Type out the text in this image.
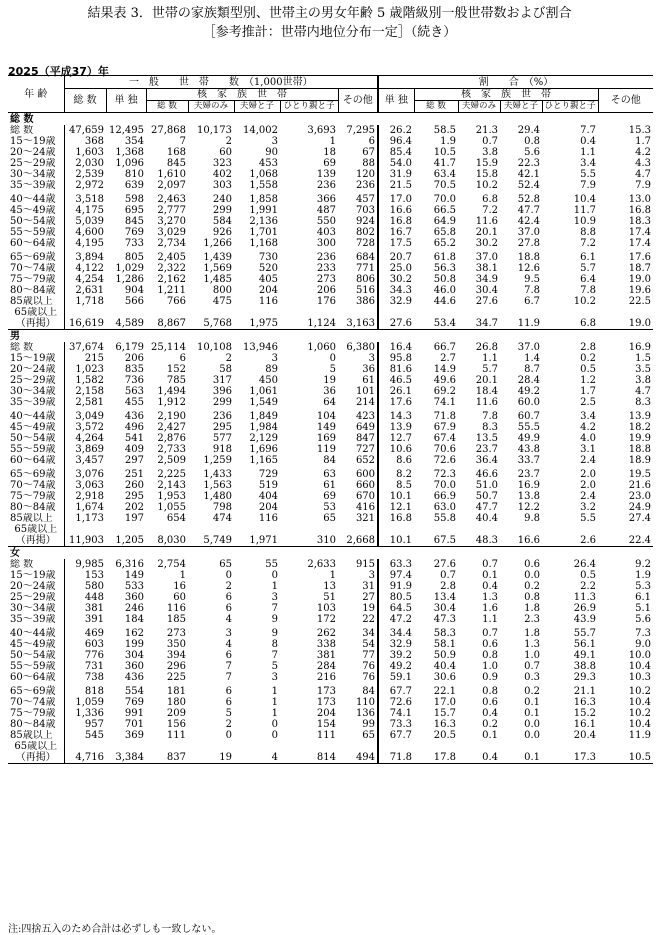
結果表 3．世帯の家族類型別、世帯主の男女年齢 5 歳階級別一般世帯数および割合
［参考推計：世帯内地位分布一定］（続き）
2025（平成37）年
年 齢	一　般　　世　帯　　数　（1,000世帯）							割　　合　（%）					
	総 数	単 独	核　家　族　世　帯				その他	単 独	核　家　族　世　帯				その他
			総 数	夫婦のみ	夫婦と子	ひとり親と子			総 数	夫婦のみ	夫婦と子	ひとり親と子	
総 数													
総 数	47,659	12,495	27,868	10,173	14,002	3,693	7,295	26.2	58.5	21.3	29.4	7.7	15.3
15～19歳	368	354	7	2	3	1	6	96.4	1.9	0.7	0.8	0.4	1.7
20～24歳	1,603	1,368	168	60	90	18	67	85.4	10.5	3.8	5.6	1.1	4.2
25～29歳	2,030	1,096	845	323	453	69	88	54.0	41.7	15.9	22.3	3.4	4.3
30～34歳	2,539	810	1,610	402	1,068	139	120	31.9	63.4	15.8	42.1	5.5	4.7
35～39歳	2,972	639	2,097	303	1,558	236	236	21.5	70.5	10.2	52.4	7.9	7.9
40～44歳	3,518	598	2,463	240	1,858	366	457	17.0	70.0	6.8	52.8	10.4	13.0
45～49歳	4,175	695	2,777	299	1,991	487	703	16.6	66.5	7.2	47.7	11.7	16.8
50～54歳	5,039	845	3,270	584	2,136	550	924	16.8	64.9	11.6	42.4	10.9	18.3
55～59歳	4,600	769	3,029	926	1,701	403	802	16.7	65.8	20.1	37.0	8.8	17.4
60～64歳	4,195	733	2,734	1,266	1,168	300	728	17.5	65.2	30.2	27.8	7.2	17.4
65～69歳	3,894	805	2,405	1,439	730	236	684	20.7	61.8	37.0	18.8	6.1	17.6
70～74歳	4,122	1,029	2,322	1,569	520	233	771	25.0	56.3	38.1	12.6	5.7	18.7
75～79歳	4,254	1,286	2,162	1,485	405	273	806	30.2	50.8	34.9	9.5	6.4	19.0
80～84歳	2,631	904	1,211	800	204	206	516	34.3	46.0	30.4	7.8	7.8	19.6
85歳以上	1,718	566	766	475	116	176	386	32.9	44.6	27.6	6.7	10.2	22.5
65歳以上
（再掲）	16,619	4,589	8,867	5,768	1,975	1,124	3,163	27.6	53.4	34.7	11.9	6.8	19.0
男													
総 数	37,674	6,179	25,114	10,108	13,946	1,060	6,380	16.4	66.7	26.8	37.0	2.8	16.9
15～19歳	215	206	6	2	3	0	3	95.8	2.7	1.1	1.4	0.2	1.5
20～24歳	1,023	835	152	58	89	5	36	81.6	14.9	5.7	8.7	0.5	3.5
25～29歳	1,582	736	785	317	450	19	61	46.5	49.6	20.1	28.4	1.2	3.8
30～34歳	2,158	563	1,494	396	1,061	36	101	26.1	69.2	18.4	49.2	1.7	4.7
35～39歳	2,581	455	1,912	299	1,549	64	214	17.6	74.1	11.6	60.0	2.5	8.3
40～44歳	3,049	436	2,190	236	1,849	104	423	14.3	71.8	7.8	60.7	3.4	13.9
45～49歳	3,572	496	2,427	295	1,984	149	649	13.9	67.9	8.3	55.5	4.2	18.2
50～54歳	4,264	541	2,876	577	2,129	169	847	12.7	67.4	13.5	49.9	4.0	19.9
55～59歳	3,869	409	2,733	918	1,696	119	727	10.6	70.6	23.7	43.8	3.1	18.8
60～64歳	3,457	297	2,509	1,259	1,165	84	652	8.6	72.6	36.4	33.7	2.4	18.9
65～69歳	3,076	251	2,225	1,433	729	63	600	8.2	72.3	46.6	23.7	2.0	19.5
70～74歳	3,063	260	2,143	1,563	519	61	660	8.5	70.0	51.0	16.9	2.0	21.6
75～79歳	2,918	295	1,953	1,480	404	69	670	10.1	66.9	50.7	13.8	2.4	23.0
80～84歳	1,674	202	1,055	798	204	53	416	12.1	63.0	47.7	12.2	3.2	24.9
85歳以上	1,173	197	654	474	116	65	321	16.8	55.8	40.4	9.8	5.5	27.4
65歳以上
（再掲）	11,903	1,205	8,030	5,749	1,971	310	2,668	10.1	67.5	48.3	16.6	2.6	22.4
女													
総 数	9,985	6,316	2,754	65	55	2,633	915	63.3	27.6	0.7	0.6	26.4	9.2
15～19歳	153	149	1	0	0	1	3	97.4	0.7	0.1	0.0	0.5	1.9
20～24歳	580	533	16	2	1	13	31	91.9	2.8	0.4	0.2	2.2	5.3
25～29歳	448	360	60	6	3	51	27	80.5	13.4	1.3	0.8	11.3	6.1
30～34歳	381	246	116	6	7	103	19	64.5	30.4	1.6	1.8	26.9	5.1
35～39歳	391	184	185	4	9	172	22	47.2	47.3	1.1	2.3	43.9	5.6
40～44歳	469	162	273	3	9	262	34	34.4	58.3	0.7	1.8	55.7	7.3
45～49歳	603	199	350	4	8	338	54	32.9	58.1	0.6	1.3	56.1	9.0
50～54歳	776	304	394	6	7	381	77	39.2	50.9	0.8	1.0	49.1	10.0
55～59歳	731	360	296	7	5	284	76	49.2	40.4	1.0	0.7	38.8	10.4
60～64歳	738	436	225	7	3	216	76	59.1	30.6	0.9	0.3	29.3	10.3
65～69歳	818	554	181	6	1	173	84	67.7	22.1	0.8	0.2	21.1	10.2
70～74歳	1,059	769	180	6	1	173	110	72.6	17.0	0.6	0.1	16.3	10.4
75～79歳	1,336	991	209	5	1	204	136	74.1	15.7	0.4	0.1	15.2	10.2
80～84歳	957	701	156	2	0	154	99	73.3	16.3	0.2	0.0	16.1	10.4
85歳以上	545	369	111	0	0	111	65	67.7	20.5	0.1	0.0	20.4	11.9
65歳以上
（再掲）	4,716	3,384	837	19	4	814	494	71.8	17.8	0.4	0.1	17.3	10.5
注:四捨五入のため合計は必ずしも一致しない。
